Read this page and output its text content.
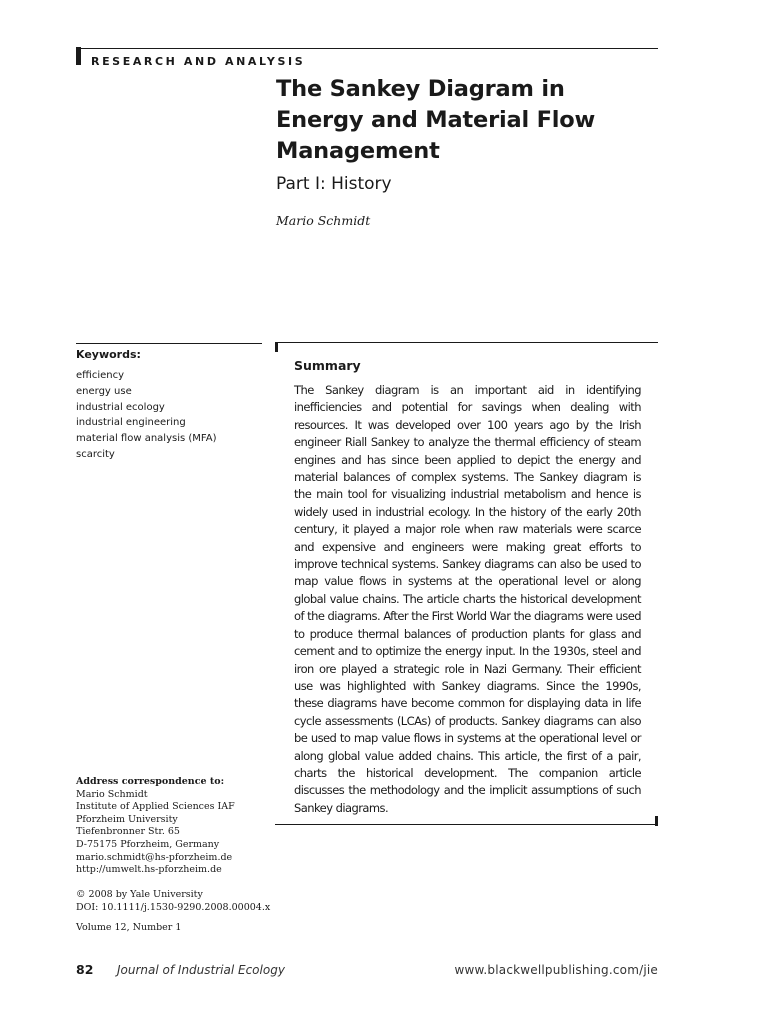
RESEARCH AND ANALYSIS
The Sankey Diagram in
Energy and Material Flow
Management
Part I: History
Mario Schmidt
Keywords:
efficiency
energy use
industrial ecology
industrial engineering
material flow analysis (MFA)
scarcity
Summary

The Sankey diagram is an important aid in identifying inefficiencies and potential for savings when dealing with resources. It was developed over 100 years ago by the Irish engineer Riall Sankey to analyze the thermal efficiency of steam engines and has since been applied to depict the energy and material balances of complex systems. The Sankey diagram is the main tool for visualizing industrial metabolism and hence is widely used in industrial ecology. In the history of the early 20th century, it played a major role when raw materials were scarce and expensive and engineers were making great efforts to improve technical systems. Sankey diagrams can also be used to map value flows in systems at the operational level or along global value chains. The article charts the historical development of the diagrams. After the First World War the diagrams were used to produce thermal balances of production plants for glass and cement and to optimize the energy input. In the 1930s, steel and iron ore played a strategic role in Nazi Germany. Their efficient use was highlighted with Sankey diagrams. Since the 1990s, these diagrams have become common for displaying data in life cycle assessments (LCAs) of products. Sankey diagrams can also be used to map value flows in systems at the operational level or along global value added chains. This article, the first of a pair, charts the historical development. The companion article discusses the methodology and the implicit assumptions of such Sankey diagrams.

Address correspondence to:
Mario Schmidt
Institute of Applied Sciences IAF
Pforzheim University
Tiefenbronner Str. 65
D-75175 Pforzheim, Germany
mario.schmidt@hs-pforzheim.de
http://umwelt.hs-pforzheim.de
© 2008 by Yale University
DOI: 10.1111/j.1530-9290.2008.00004.x
Volume 12, Number 1
82 Journal of Industrial Ecology	www.blackwellpublishing.com/jie
